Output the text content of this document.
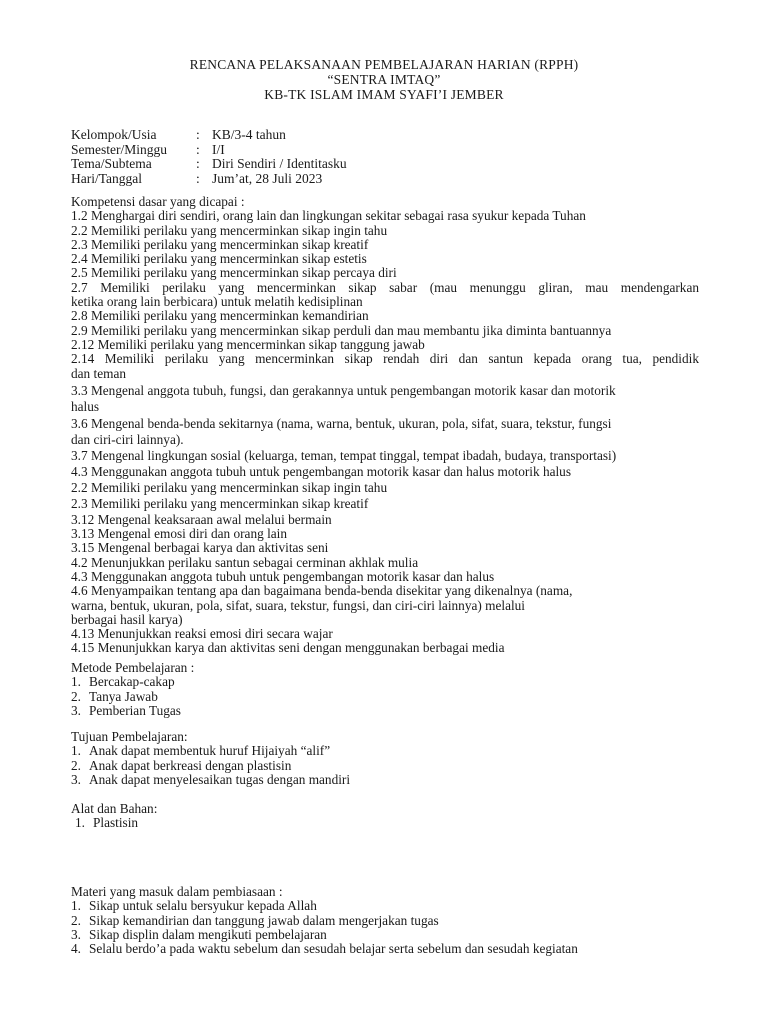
RENCANA PELAKSANAAN PEMBELAJARAN HARIAN (RPPH)
“SENTRA IMTAQ”
KB-TK ISLAM IMAM SYAFI’I JEMBER
Kelompok/Usia	: KB/3-4 tahun
Semester/Minggu	: I/I
Tema/Subtema	: Diri Sendiri / Identitasku
Hari/Tanggal	: Jum’at, 28 Juli 2023
Kompetensi dasar yang dicapai :
1.2 Menghargai diri sendiri, orang lain dan lingkungan sekitar sebagai rasa syukur kepada Tuhan
2.2 Memiliki perilaku yang mencerminkan sikap ingin tahu
2.3 Memiliki perilaku yang mencerminkan sikap kreatif
2.4 Memiliki perilaku yang mencerminkan sikap estetis
2.5 Memiliki perilaku yang mencerminkan sikap percaya diri
2.7 Memiliki perilaku yang mencerminkan sikap sabar (mau menunggu gliran, mau mendengarkan
ketika orang lain berbicara) untuk melatih kedisiplinan
2.8 Memiliki perilaku yang mencerminkan kemandirian
2.9 Memiliki perilaku yang mencerminkan sikap perduli dan mau membantu jika diminta bantuannya
2.12 Memiliki perilaku yang mencerminkan sikap tanggung jawab
2.14 Memiliki perilaku yang mencerminkan sikap rendah diri dan santun kepada orang tua, pendidik
dan teman
3.3 Mengenal anggota tubuh, fungsi, dan gerakannya untuk pengembangan motorik kasar dan motorik
halus
3.6 Mengenal benda-benda sekitarnya (nama, warna, bentuk, ukuran, pola, sifat, suara, tekstur, fungsi
dan ciri-ciri lainnya).
3.7 Mengenal lingkungan sosial (keluarga, teman, tempat tinggal, tempat ibadah, budaya, transportasi)
4.3 Menggunakan anggota tubuh untuk pengembangan motorik kasar dan halus motorik halus
2.2 Memiliki perilaku yang mencerminkan sikap ingin tahu
2.3 Memiliki perilaku yang mencerminkan sikap kreatif
3.12 Mengenal keaksaraan awal melalui bermain
3.13 Mengenal emosi diri dan orang lain
3.15 Mengenal berbagai karya dan aktivitas seni
4.2 Menunjukkan perilaku santun sebagai cerminan akhlak mulia
4.3 Menggunakan anggota tubuh untuk pengembangan motorik kasar dan halus
4.6 Menyampaikan tentang apa dan bagaimana benda-benda disekitar yang dikenalnya (nama,
warna, bentuk, ukuran, pola, sifat, suara, tekstur, fungsi, dan ciri-ciri lainnya) melalui
berbagai hasil karya)
4.13 Menunjukkan reaksi emosi diri secara wajar
4.15 Menunjukkan karya dan aktivitas seni dengan menggunakan berbagai media
Metode Pembelajaran :
1. Bercakap-cakap
2. Tanya Jawab
3. Pemberian Tugas
Tujuan Pembelajaran:
1. Anak dapat membentuk huruf Hijaiyah “alif”
2. Anak dapat berkreasi dengan plastisin
3. Anak dapat menyelesaikan tugas dengan mandiri
Alat dan Bahan:
1. Plastisin
Materi yang masuk dalam pembiasaan :
1. Sikap untuk selalu bersyukur kepada Allah
2. Sikap kemandirian dan tanggung jawab dalam mengerjakan tugas
3. Sikap displin dalam mengikuti pembelajaran
4. Selalu berdo’a pada waktu sebelum dan sesudah belajar serta sebelum dan sesudah kegiatan
